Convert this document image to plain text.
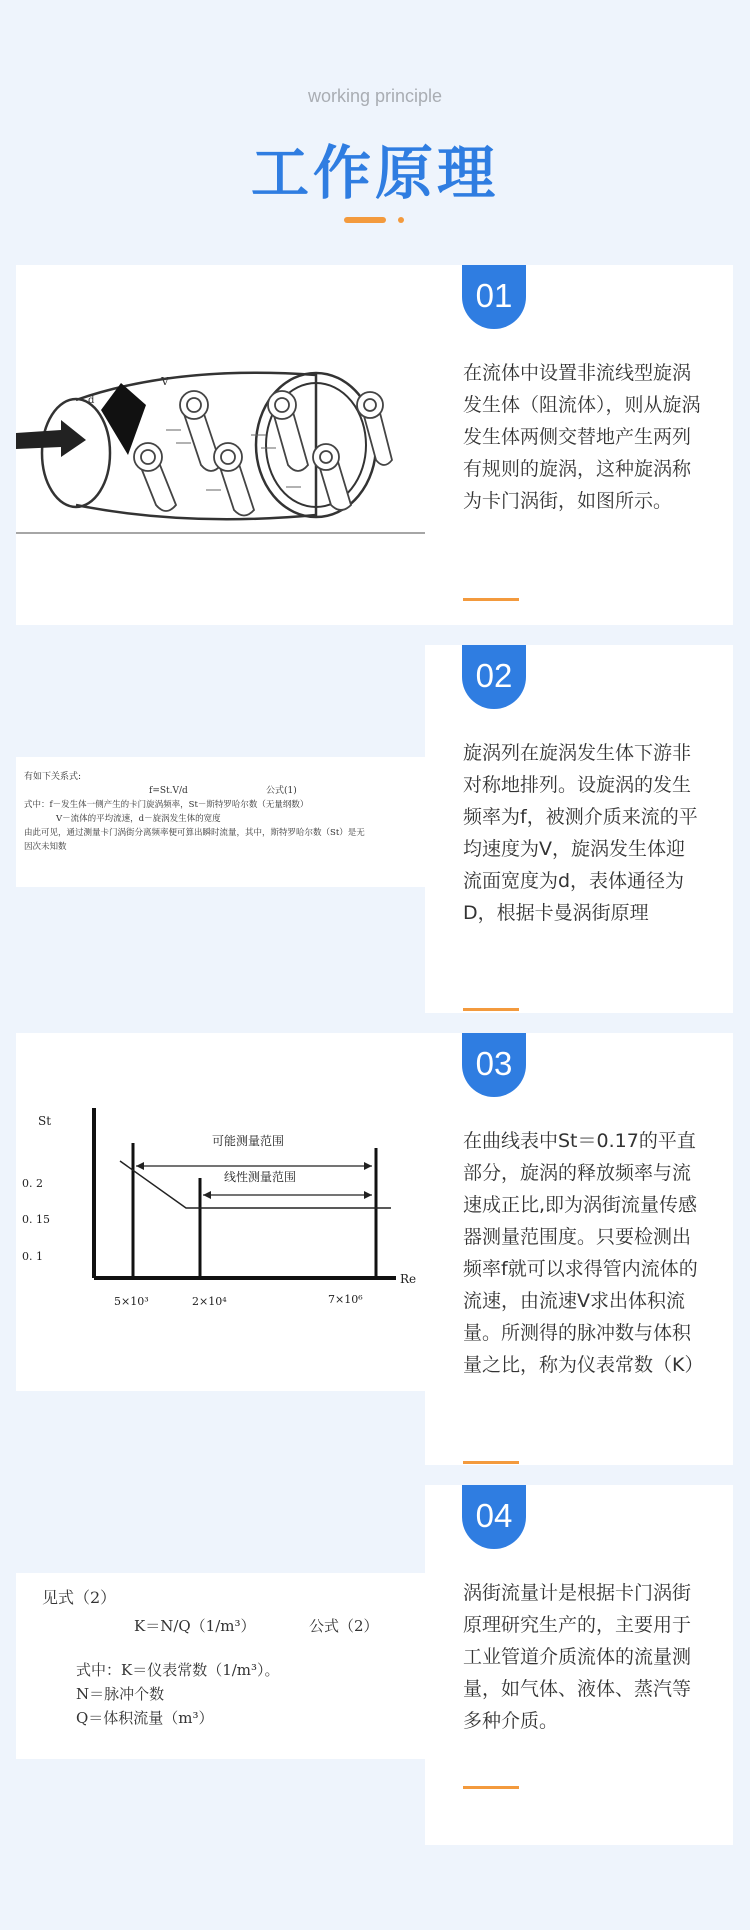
working principle
工作原理
V
d
01

在流体中设置非流线型旋涡发生体（阻流体），则从旋涡发生体两侧交替地产生两列有规则的旋涡，这种旋涡称为卡门涡街，如图所示。

有如下关系式:
f=St.V/d	公式(1)
式中：f－发生体一侧产生的卡门旋涡频率，St－斯特罗哈尔数（无量纲数）
V－流体的平均流速，d－旋涡发生体的宽度
由此可见，通过测量卡门涡街分离频率便可算出瞬时流量，其中，斯特罗哈尔数（St）是无
因次未知数
02

旋涡列在旋涡发生体下游非对称地排列。设旋涡的发生频率为f，被测介质来流的平均速度为V，旋涡发生体迎流面宽度为d，表体通径为D，根据卡曼涡街原理

St
Re
0. 2
0. 15
0. 1
可能测量范围
线性测量范围
5×10³	2×10⁴	7×10⁶
03

在曲线表中St＝0.17的平直部分，旋涡的释放频率与流速成正比,即为涡街流量传感器测量范围度。只要检测出频率f就可以求得管内流体的流速，由流速V求出体积流量。所测得的脉冲数与体积量之比，称为仪表常数（K）

见式（2）
K＝N/Q（1/m³）	公式（2）
式中：K＝仪表常数（1/m³）。
N＝脉冲个数
Q＝体积流量（m³）
04

涡街流量计是根据卡门涡街原理研究生产的，主要用于工业管道介质流体的流量测量，如气体、液体、蒸汽等多种介质。
